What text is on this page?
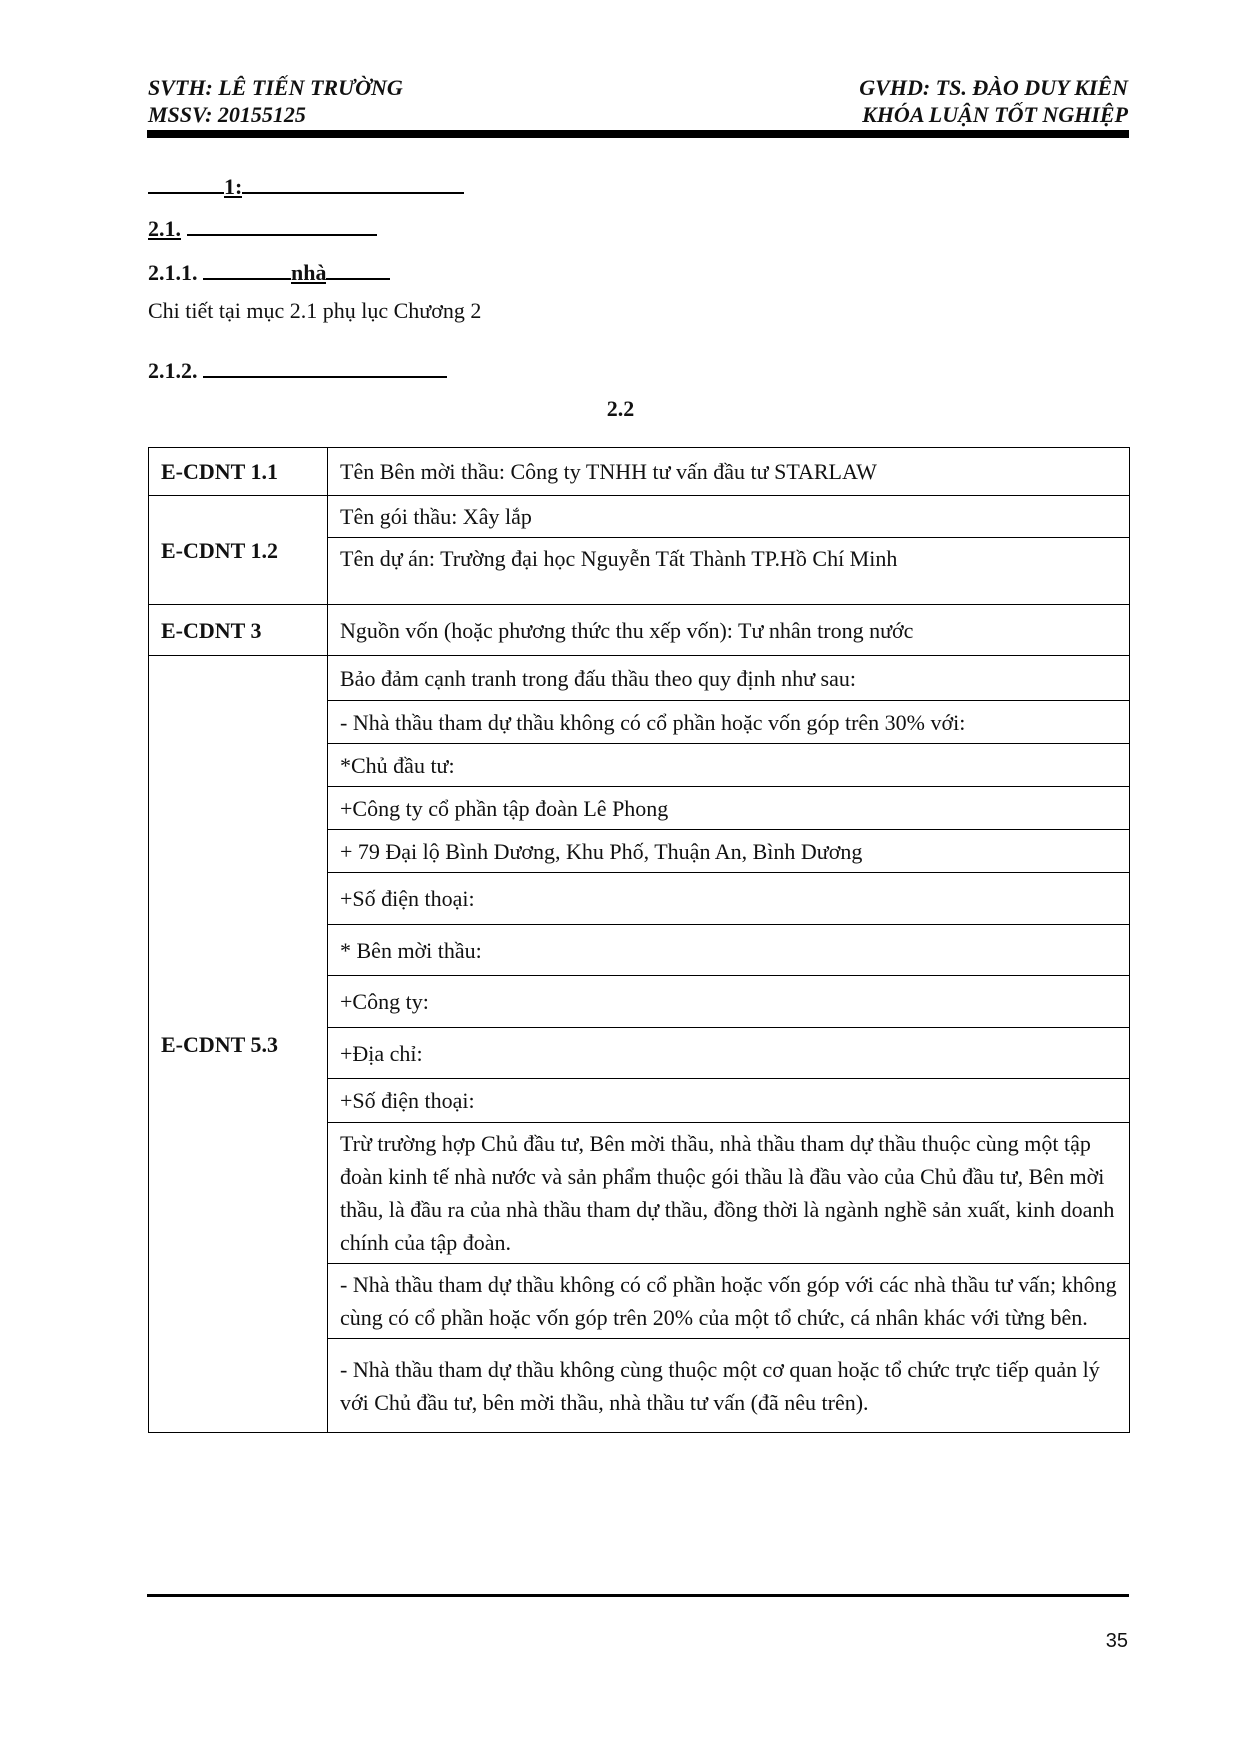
SVTH: LÊ TIẾN TRƯỜNG
MSSV: 20155125
GVHD: TS. ĐÀO DUY KIÊN
KHÓA LUẬN TỐT NGHIỆP
1:
2.1.
2.1.1.	nhà
Chi tiết tại mục 2.1 phụ lục Chương 2
2.1.2.
2.2
E-CDNT 1.1	Tên Bên mời thầu: Công ty TNHH tư vấn đầu tư STARLAW
E-CDNT 1.2	Tên gói thầu: Xây lắp
	Tên dự án: Trường đại học Nguyễn Tất Thành TP.Hồ Chí Minh
E-CDNT 3	Nguồn vốn (hoặc phương thức thu xếp vốn): Tư nhân trong nước
E-CDNT 5.3	Bảo đảm cạnh tranh trong đấu thầu theo quy định như sau:
	- Nhà thầu tham dự thầu không có cổ phần hoặc vốn góp trên 30% với:
	*Chủ đầu tư:
	+Công ty cổ phần tập đoàn Lê Phong
	+ 79 Đại lộ Bình Dương, Khu Phố, Thuận An, Bình Dương
	+Số điện thoại:
	* Bên mời thầu:
	+Công ty:
	+Địa chỉ:
	+Số điện thoại:
	Trừ trường hợp Chủ đầu tư, Bên mời thầu, nhà thầu tham dự thầu thuộc cùng một tập đoàn kinh tế nhà nước và sản phẩm thuộc gói thầu là đầu vào của Chủ đầu tư, Bên mời thầu, là đầu ra của nhà thầu tham dự thầu, đồng thời là ngành nghề sản xuất, kinh doanh chính của tập đoàn.
	- Nhà thầu tham dự thầu không có cổ phần hoặc vốn góp với các nhà thầu tư vấn; không cùng có cổ phần hoặc vốn góp trên 20% của một tổ chức, cá nhân khác với từng bên.
	- Nhà thầu tham dự thầu không cùng thuộc một cơ quan hoặc tổ chức trực tiếp quản lý với Chủ đầu tư, bên mời thầu, nhà thầu tư vấn (đã nêu trên).
35
